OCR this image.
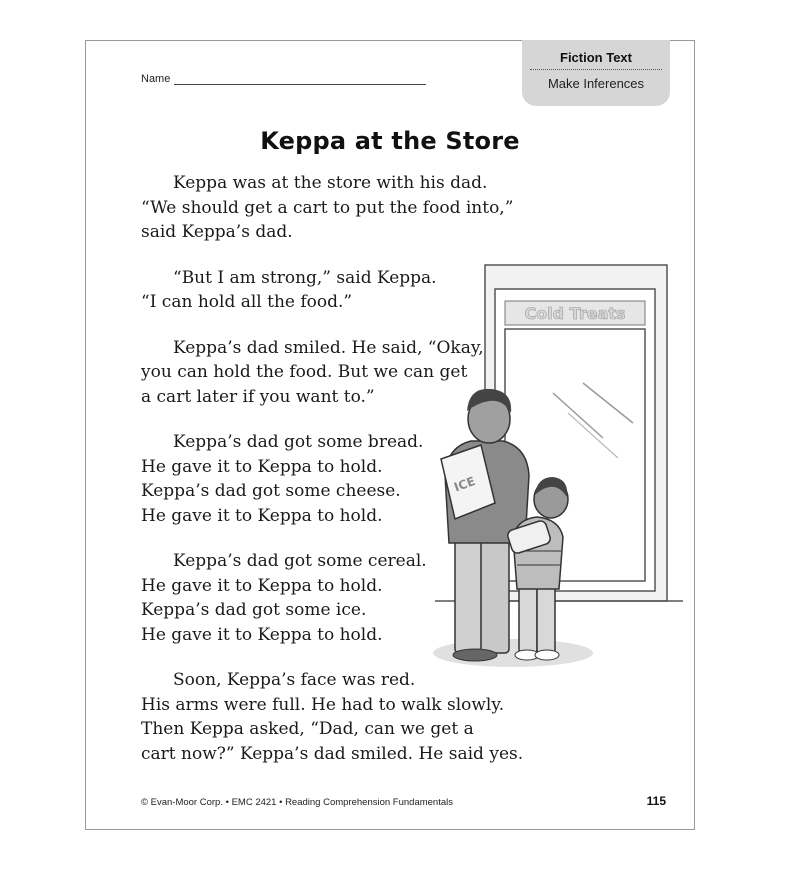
Name
Fiction Text
Make Inferences
Keppa at the Store

Keppa was at the store with his dad.

“We should get a cart to put the food into,”

said Keppa’s dad.

“But I am strong,” said Keppa.

“I can hold all the food.”

Keppa’s dad smiled. He said, “Okay,

you can hold the food. But we can get

a cart later if you want to.”

Keppa’s dad got some bread.

He gave it to Keppa to hold.

Keppa’s dad got some cheese.

He gave it to Keppa to hold.

Keppa’s dad got some cereal.

He gave it to Keppa to hold.

Keppa’s dad got some ice.

He gave it to Keppa to hold.

Soon, Keppa’s face was red.

His arms were full. He had to walk slowly.

Then Keppa asked, “Dad, can we get a

cart now?” Keppa’s dad smiled. He said yes.

Cold Treats
ICE
© Evan-Moor Corp. • EMC 2421 • Reading Comprehension Fundamentals	115
